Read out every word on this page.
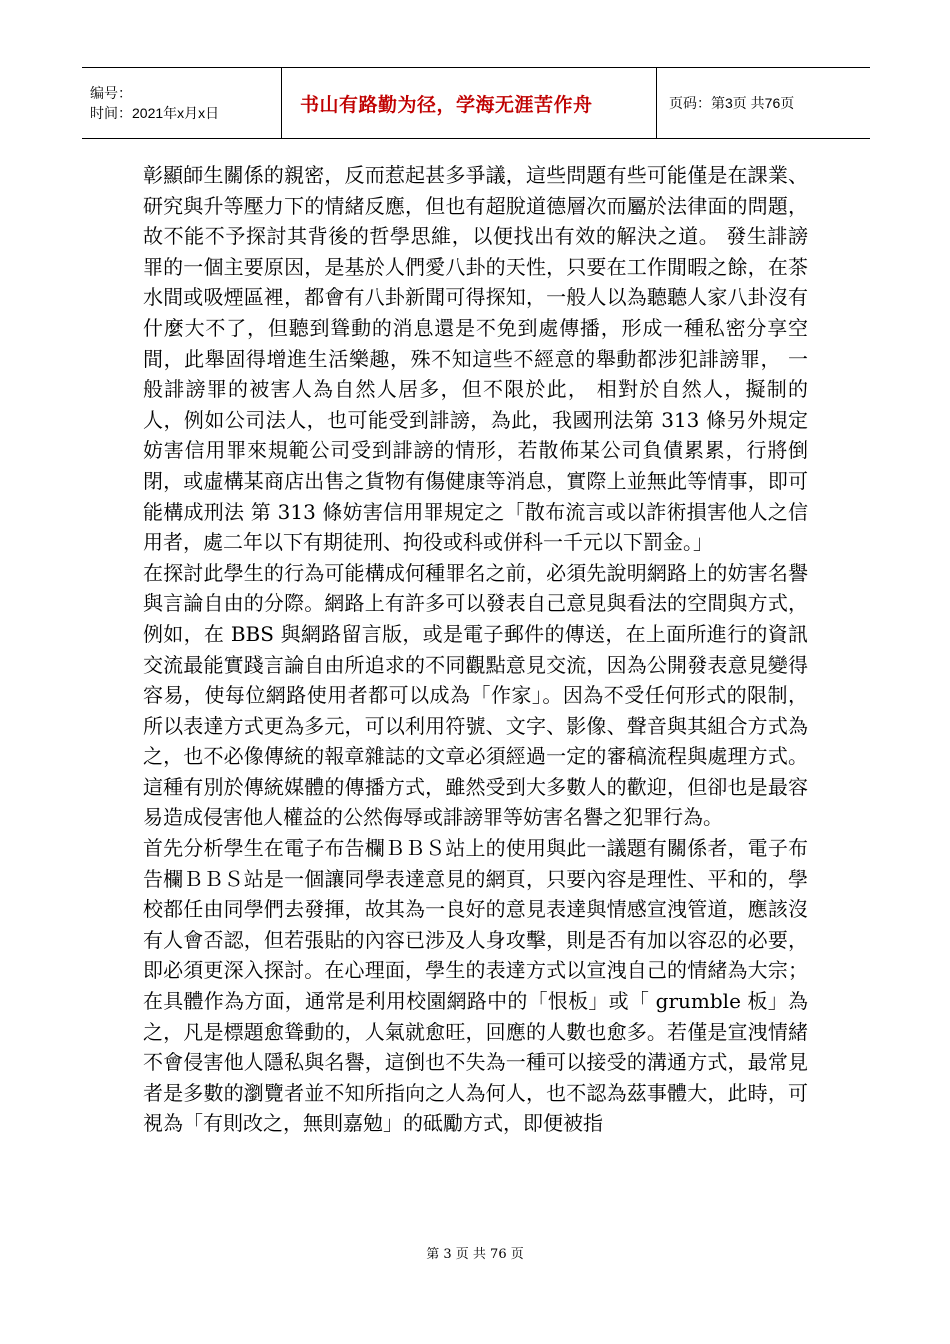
编号：
时间：2021年x月x日	书山有路勤为径，学海无涯苦作舟	页码：第3页 共76页

彰顯師生關係的親密，反而惹起甚多爭議，這些問題有些可能僅是在課業、研究與升等壓力下的情緒反應，但也有超脫道德層次而屬於法律面的問題，故不能不予探討其背後的哲學思維，以便找出有效的解決之道。 發生誹謗罪的一個主要原因，是基於人們愛八卦的天性，只要在工作閒暇之餘，在茶水間或吸煙區裡，都會有八卦新聞可得探知，一般人以為聽聽人家八卦沒有什麼大不了，但聽到聳動的消息還是不免到處傳播，形成一種私密分享空間，此舉固得增進生活樂趣，殊不知這些不經意的舉動都涉犯誹謗罪， 一般誹謗罪的被害人為自然人居多，但不限於此， 相對於自然人，擬制的人，例如公司法人，也可能受到誹謗，為此，我國刑法第 313 條另外規定妨害信用罪來規範公司受到誹謗的情形，若散佈某公司負債累累，行將倒閉，或虛構某商店出售之貨物有傷健康等消息，實際上並無此等情事，即可能構成刑法 第 313 條妨害信用罪規定之「散布流言或以詐術損害他人之信用者，處二年以下有期徒刑、拘役或科或併科一千元以下罰金。」

在探討此學生的行為可能構成何種罪名之前，必須先說明網路上的妨害名譽與言論自由的分際。網路上有許多可以發表自己意見與看法的空間與方式，例如，在 BBS 與網路留言版，或是電子郵件的傳送，在上面所進行的資訊交流最能實踐言論自由所追求的不同觀點意見交流，因為公開發表意見變得容易，使每位網路使用者都可以成為「作家」。因為不受任何形式的限制，所以表達方式更為多元，可以利用符號、文字、影像、聲音與其組合方式為之，也不必像傳統的報章雜誌的文章必須經過一定的審稿流程與處理方式。這種有別於傳統媒體的傳播方式，雖然受到大多數人的歡迎，但卻也是最容易造成侵害他人權益的公然侮辱或誹謗罪等妨害名譽之犯罪行為。

首先分析學生在電子布告欄ＢＢＳ站上的使用與此一議題有關係者，電子布告欄ＢＢＳ站是一個讓同學表達意見的網頁，只要內容是理性、平和的，學校都任由同學們去發揮，故其為一良好的意見表達與情感宣洩管道，應該沒有人會否認，但若張貼的內容已涉及人身攻擊，則是否有加以容忍的必要，即必須更深入探討。在心理面，學生的表達方式以宣洩自己的情緒為大宗；在具體作為方面，通常是利用校園網路中的「恨板」或「 grumble 板」為之，凡是標題愈聳動的，人氣就愈旺，回應的人數也愈多。若僅是宣洩情緒不會侵害他人隱私與名譽，這倒也不失為一種可以接受的溝通方式，最常見者是多數的瀏覽者並不知所指向之人為何人，也不認為茲事體大，此時，可視為「有則改之，無則嘉勉」的砥勵方式，即便被指

第 3 页 共 76 页
